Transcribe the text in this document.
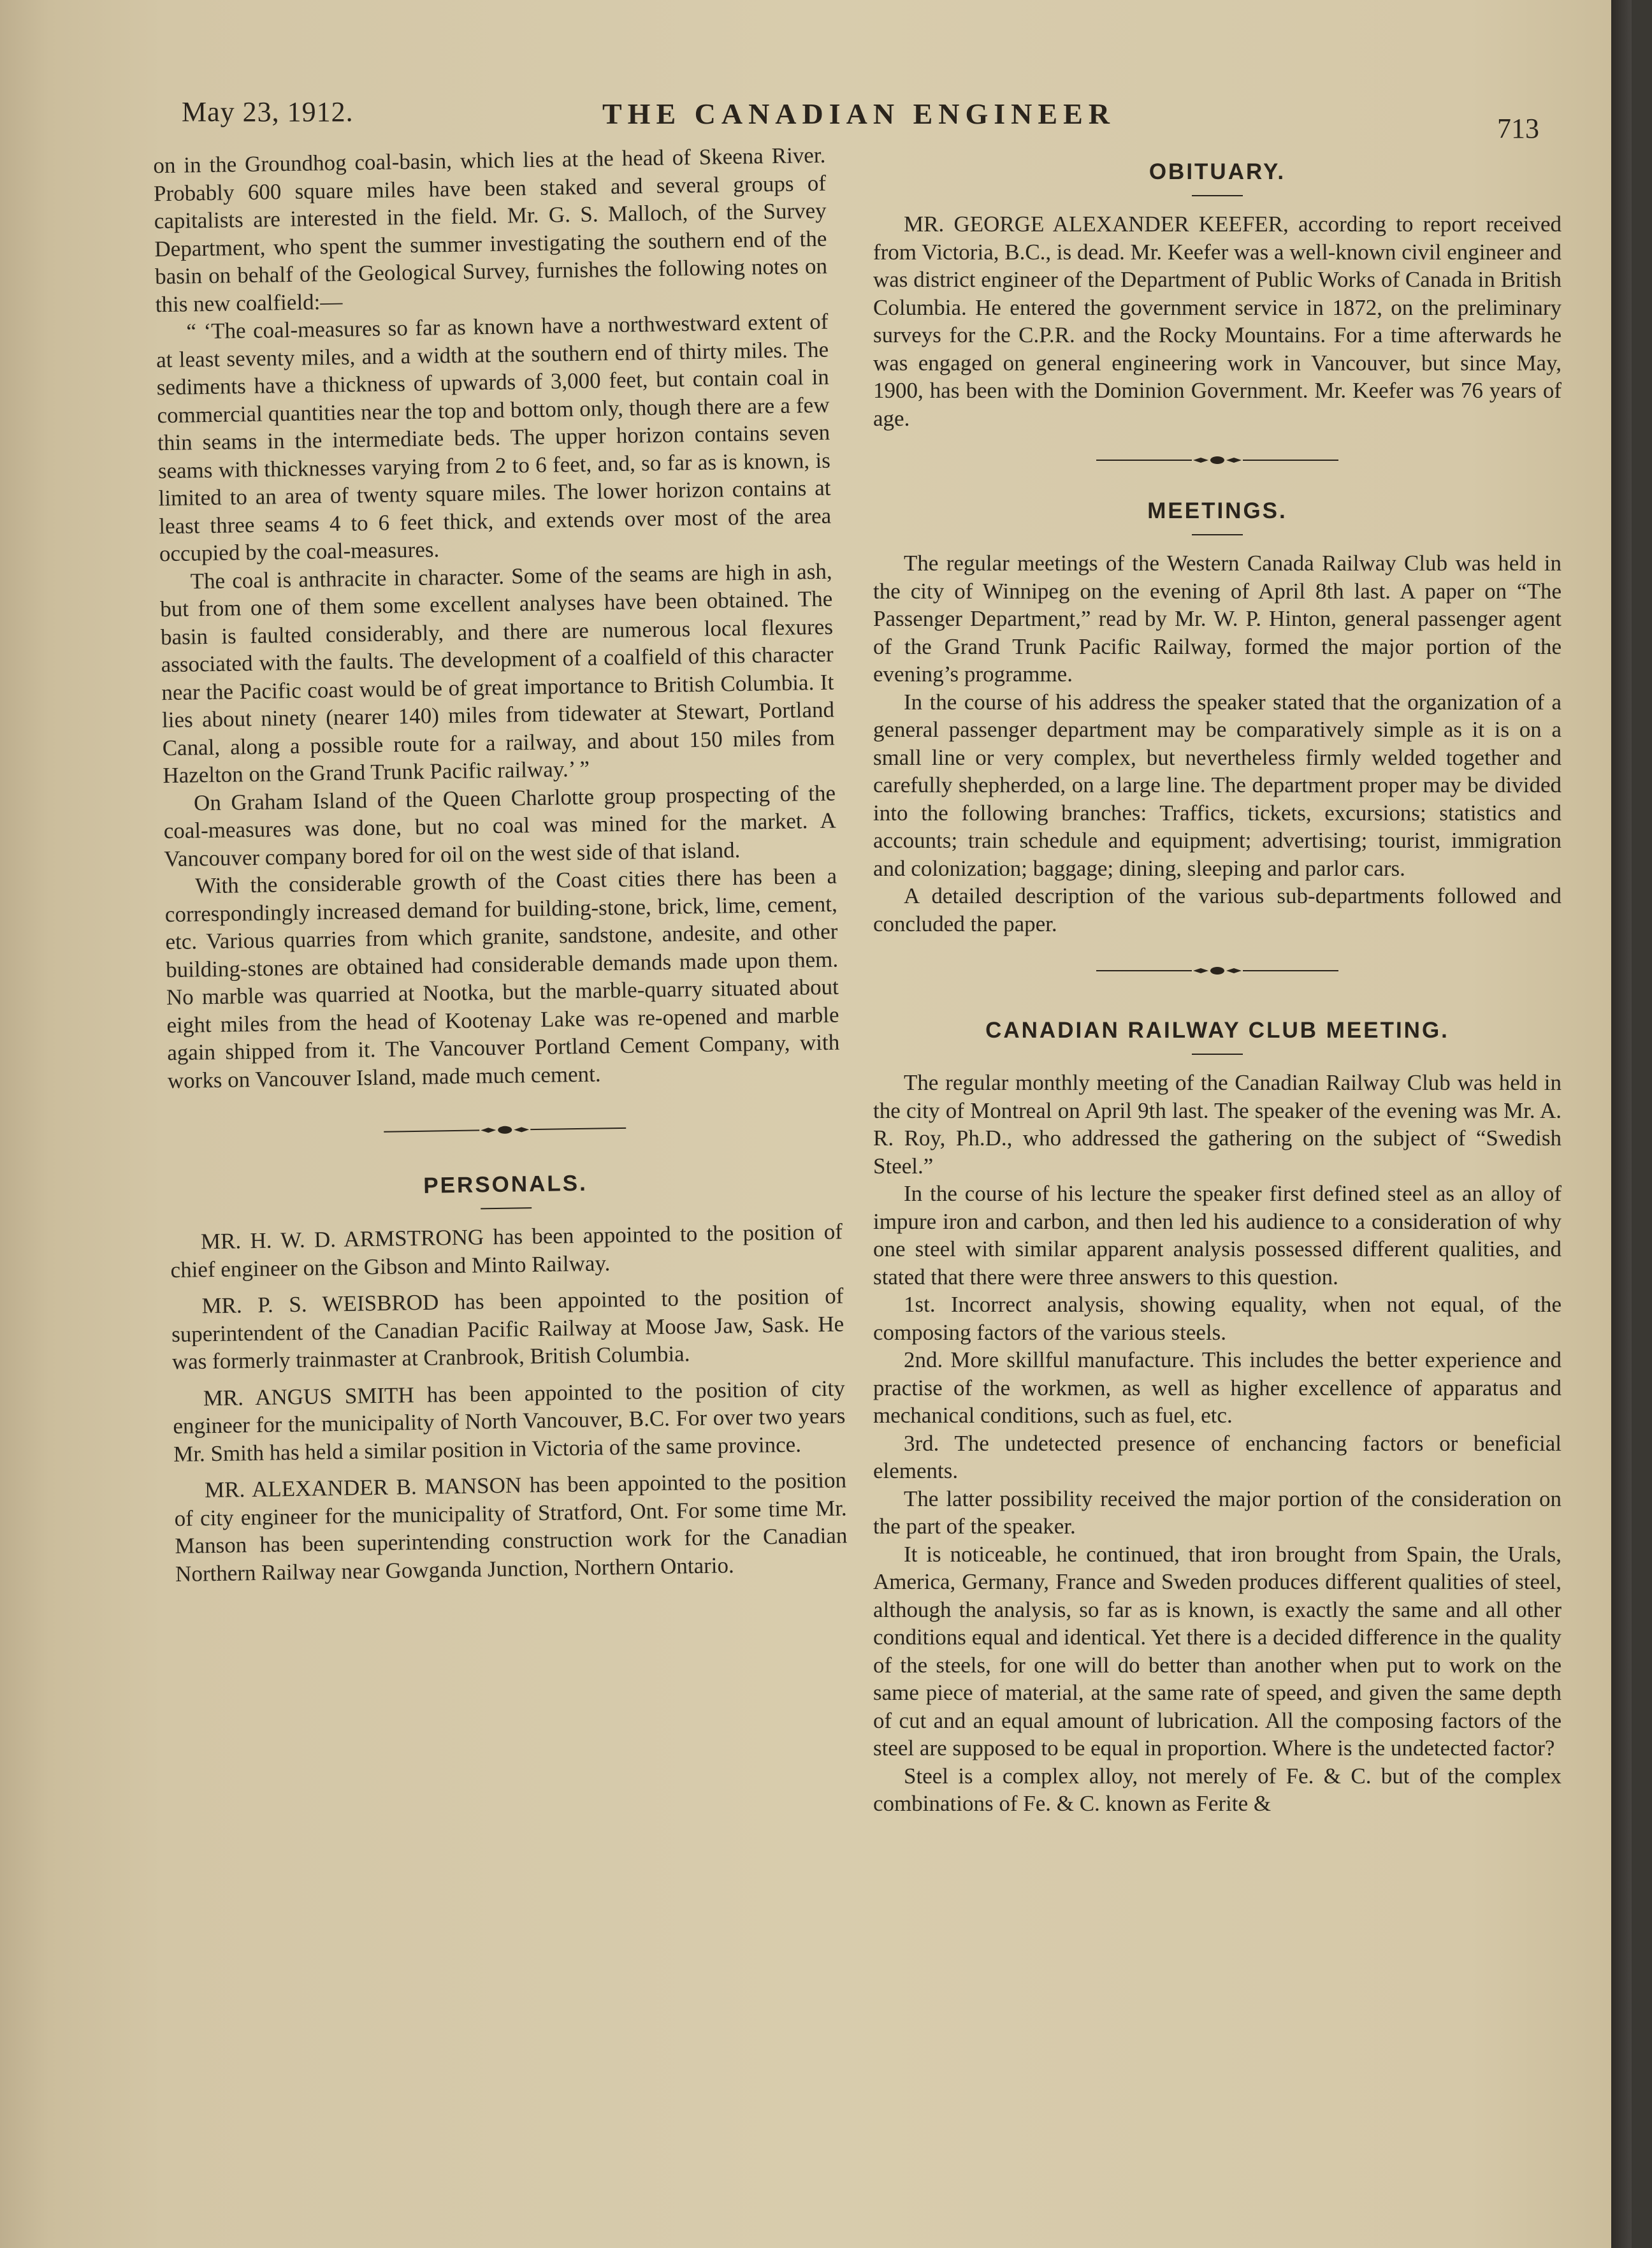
May 23, 1912.	THE CANADIAN ENGINEER	713

on in the Groundhog coal-basin, which lies at the head of Skeena River. Probably 600 square miles have been staked and several groups of capitalists are interested in the field. Mr. G. S. Malloch, of the Survey Department, who spent the summer investigating the southern end of the basin on behalf of the Geological Survey, furnishes the following notes on this new coalfield:—

“ ‘The coal-measures so far as known have a northwestward extent of at least seventy miles, and a width at the southern end of thirty miles. The sediments have a thickness of upwards of 3,000 feet, but contain coal in commercial quantities near the top and bottom only, though there are a few thin seams in the intermediate beds. The upper horizon contains seven seams with thicknesses varying from 2 to 6 feet, and, so far as is known, is limited to an area of twenty square miles. The lower horizon contains at least three seams 4 to 6 feet thick, and extends over most of the area occupied by the coal-measures.

The coal is anthracite in character. Some of the seams are high in ash, but from one of them some excellent analyses have been obtained. The basin is faulted considerably, and there are numerous local flexures associated with the faults. The development of a coalfield of this character near the Pacific coast would be of great importance to British Columbia. It lies about ninety (nearer 140) miles from tidewater at Stewart, Portland Canal, along a possible route for a railway, and about 150 miles from Hazelton on the Grand Trunk Pacific railway.’ ”

On Graham Island of the Queen Charlotte group prospecting of the coal-measures was done, but no coal was mined for the market. A Vancouver company bored for oil on the west side of that island.

With the considerable growth of the Coast cities there has been a correspondingly increased demand for building-stone, brick, lime, cement, etc. Various quarries from which granite, sandstone, andesite, and other building-stones are obtained had considerable demands made upon them. No marble was quarried at Nootka, but the marble-quarry situated about eight miles from the head of Kootenay Lake was re-opened and marble again shipped from it. The Vancouver Portland Cement Company, with works on Vancouver Island, made much cement.

PERSONALS.

MR. H. W. D. ARMSTRONG has been appointed to the position of chief engineer on the Gibson and Minto Railway.

MR. P. S. WEISBROD has been appointed to the position of superintendent of the Canadian Pacific Railway at Moose Jaw, Sask. He was formerly trainmaster at Cranbrook, British Columbia.

MR. ANGUS SMITH has been appointed to the position of city engineer for the municipality of North Vancouver, B.C. For over two years Mr. Smith has held a similar position in Victoria of the same province.

MR. ALEXANDER B. MANSON has been appointed to the position of city engineer for the municipality of Stratford, Ont. For some time Mr. Manson has been superintending construction work for the Canadian Northern Railway near Gowganda Junction, Northern Ontario.

OBITUARY.

MR. GEORGE ALEXANDER KEEFER, according to report received from Victoria, B.C., is dead. Mr. Keefer was a well-known civil engineer and was district engineer of the Department of Public Works of Canada in British Columbia. He entered the government service in 1872, on the preliminary surveys for the C.P.R. and the Rocky Mountains. For a time afterwards he was engaged on general engineering work in Vancouver, but since May, 1900, has been with the Dominion Government. Mr. Keefer was 76 years of age.

MEETINGS.

The regular meetings of the Western Canada Railway Club was held in the city of Winnipeg on the evening of April 8th last. A paper on “The Passenger Department,” read by Mr. W. P. Hinton, general passenger agent of the Grand Trunk Pacific Railway, formed the major portion of the evening’s programme.

In the course of his address the speaker stated that the organization of a general passenger department may be comparatively simple as it is on a small line or very complex, but nevertheless firmly welded together and carefully shepherded, on a large line. The department proper may be divided into the following branches: Traffics, tickets, excursions; statistics and accounts; train schedule and equipment; advertising; tourist, immigration and colonization; baggage; dining, sleeping and parlor cars.

A detailed description of the various sub-departments followed and concluded the paper.

CANADIAN RAILWAY CLUB MEETING.

The regular monthly meeting of the Canadian Railway Club was held in the city of Montreal on April 9th last. The speaker of the evening was Mr. A. R. Roy, Ph.D., who addressed the gathering on the subject of “Swedish Steel.”

In the course of his lecture the speaker first defined steel as an alloy of impure iron and carbon, and then led his audience to a consideration of why one steel with similar apparent analysis possessed different qualities, and stated that there were three answers to this question.

1st. Incorrect analysis, showing equality, when not equal, of the composing factors of the various steels.

2nd. More skillful manufacture. This includes the better experience and practise of the workmen, as well as higher excellence of apparatus and mechanical conditions, such as fuel, etc.

3rd. The undetected presence of enchancing factors or beneficial elements.

The latter possibility received the major portion of the consideration on the part of the speaker.

It is noticeable, he continued, that iron brought from Spain, the Urals, America, Germany, France and Sweden produces different qualities of steel, although the analysis, so far as is known, is exactly the same and all other conditions equal and identical. Yet there is a decided difference in the quality of the steels, for one will do better than another when put to work on the same piece of material, at the same rate of speed, and given the same depth of cut and an equal amount of lubrication. All the composing factors of the steel are supposed to be equal in proportion. Where is the undetected factor?

Steel is a complex alloy, not merely of Fe. & C. but of the complex combinations of Fe. & C. known as Ferite &
